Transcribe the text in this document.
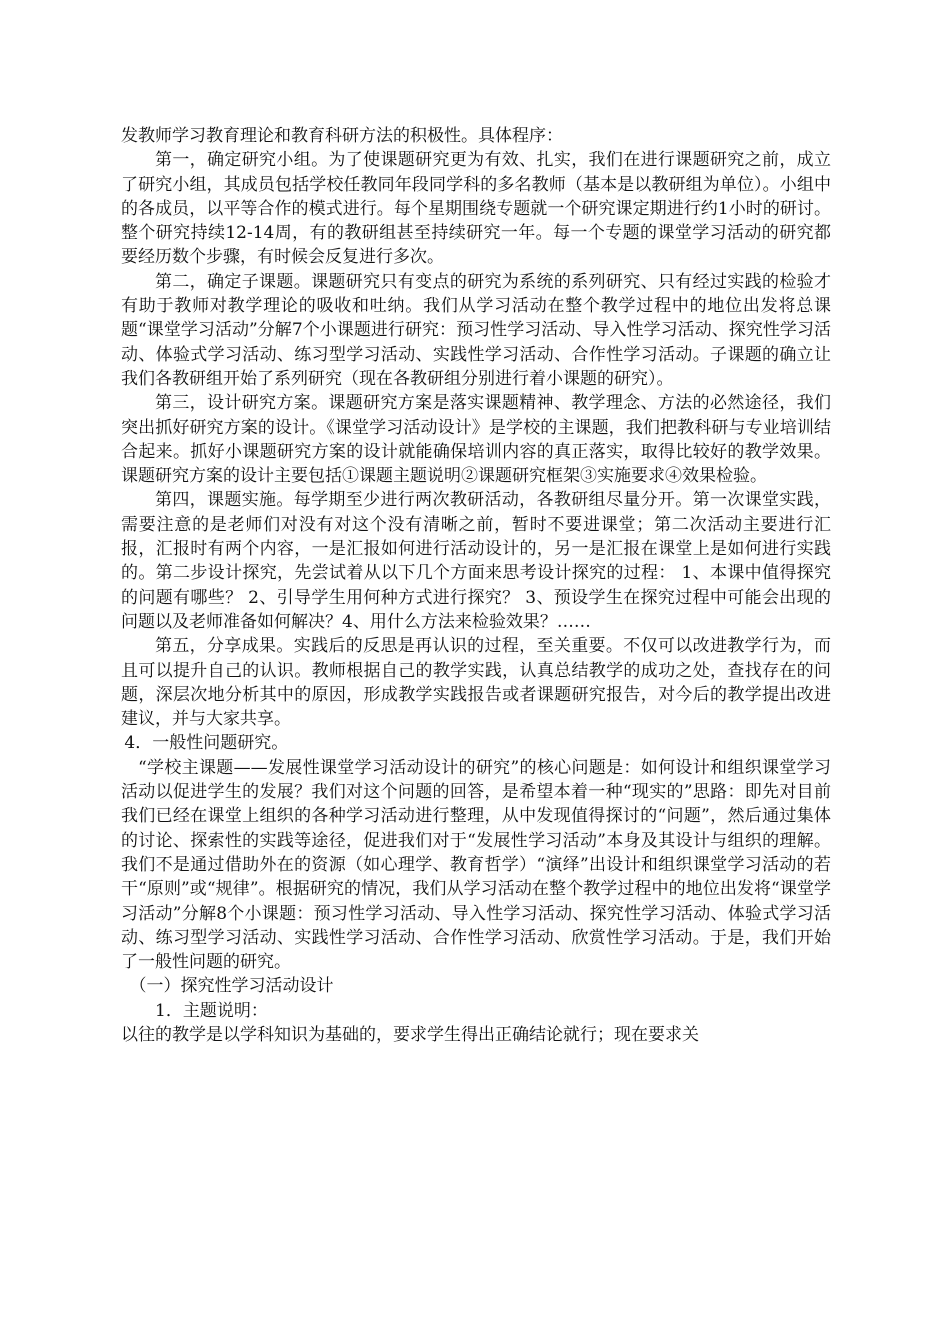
发教师学习教育理论和教育科研方法的积极性。具体程序：

第一，确定研究小组。为了使课题研究更为有效、扎实，我们在进行课题研究之前，成立了研究小组，其成员包括学校任教同年段同学科的多名教师（基本是以教研组为单位）。小组中的各成员，以平等合作的模式进行。每个星期围绕专题就一个研究课定期进行约1小时的研讨。整个研究持续12-14周，有的教研组甚至持续研究一年。每一个专题的课堂学习活动的研究都要经历数个步骤，有时候会反复进行多次。

第二，确定子课题。课题研究只有变点的研究为系统的系列研究、只有经过实践的检验才有助于教师对教学理论的吸收和吐纳。我们从学习活动在整个教学过程中的地位出发将总课题“课堂学习活动”分解7个小课题进行研究：预习性学习活动、导入性学习活动、探究性学习活动、体验式学习活动、练习型学习活动、实践性学习活动、合作性学习活动。子课题的确立让我们各教研组开始了系列研究（现在各教研组分别进行着小课题的研究）。

第三，设计研究方案。课题研究方案是落实课题精神、教学理念、方法的必然途径，我们突出抓好研究方案的设计。《课堂学习活动设计》是学校的主课题，我们把教科研与专业培训结合起来。抓好小课题研究方案的设计就能确保培训内容的真正落实，取得比较好的教学效果。课题研究方案的设计主要包括①课题主题说明②课题研究框架③实施要求④效果检验。

第四，课题实施。每学期至少进行两次教研活动，各教研组尽量分开。第一次课堂实践，需要注意的是老师们对没有对这个没有清晰之前，暂时不要进课堂；第二次活动主要进行汇报，汇报时有两个内容，一是汇报如何进行活动设计的，另一是汇报在课堂上是如何进行实践的。第二步设计探究，先尝试着从以下几个方面来思考设计探究的过程： 1、本课中值得探究的问题有哪些？ 2、引导学生用何种方式进行探究？ 3、预设学生在探究过程中可能会出现的问题以及老师准备如何解决？4、用什么方法来检验效果？……

第五，分享成果。实践后的反思是再认识的过程，至关重要。不仅可以改进教学行为，而且可以提升自己的认识。教师根据自己的教学实践，认真总结教学的成功之处，查找存在的问题，深层次地分析其中的原因，形成教学实践报告或者课题研究报告，对今后的教学提出改进建议，并与大家共享。

4．一般性问题研究。

“学校主课题——发展性课堂学习活动设计的研究”的核心问题是：如何设计和组织课堂学习活动以促进学生的发展？我们对这个问题的回答，是希望本着一种“现实的”思路：即先对目前我们已经在课堂上组织的各种学习活动进行整理，从中发现值得探讨的“问题”，然后通过集体的讨论、探索性的实践等途径，促进我们对于“发展性学习活动”本身及其设计与组织的理解。我们不是通过借助外在的资源（如心理学、教育哲学）“演绎”出设计和组织课堂学习活动的若干“原则”或“规律”。根据研究的情况，我们从学习活动在整个教学过程中的地位出发将“课堂学习活动”分解8个小课题：预习性学习活动、导入性学习活动、探究性学习活动、体验式学习活动、练习型学习活动、实践性学习活动、合作性学习活动、欣赏性学习活动。于是，我们开始了一般性问题的研究。

（一）探究性学习活动设计

1．主题说明：

以往的教学是以学科知识为基础的，要求学生得出正确结论就行；现在要求关
